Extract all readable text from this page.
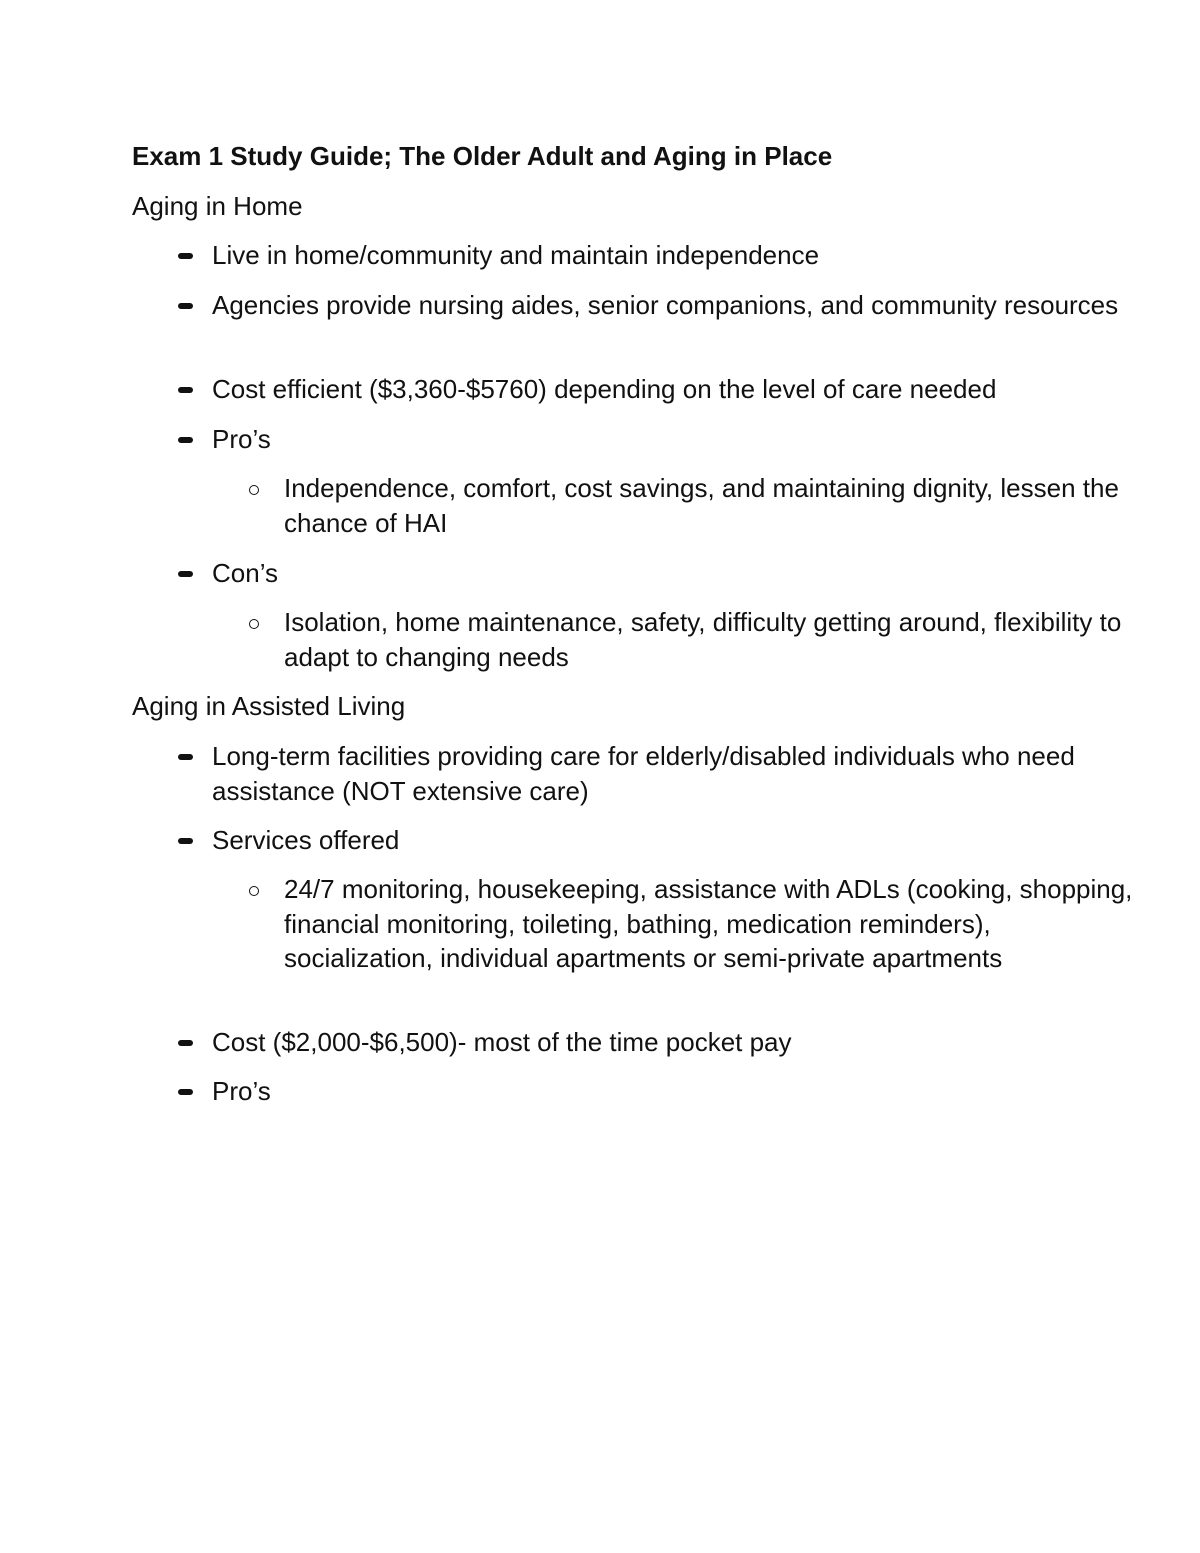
Exam 1 Study Guide; The Older Adult and Aging in Place
Aging in Home
Live in home/community and maintain independence
Agencies provide nursing aides, senior companions, and community resources
Cost efficient ($3,360-$5760) depending on the level of care needed
Pro’s
Independence, comfort, cost savings, and maintaining dignity, lessen the chance of HAI
Con’s
Isolation, home maintenance, safety, difficulty getting around, flexibility to adapt to changing needs
Aging in Assisted Living
Long-term facilities providing care for elderly/disabled individuals who need assistance (NOT extensive care)
Services offered
24/7 monitoring, housekeeping, assistance with ADLs (cooking, shopping, financial monitoring, toileting, bathing, medication reminders), socialization, individual apartments or semi-private apartments
Cost ($2,000-$6,500)- most of the time pocket pay
Pro’s
